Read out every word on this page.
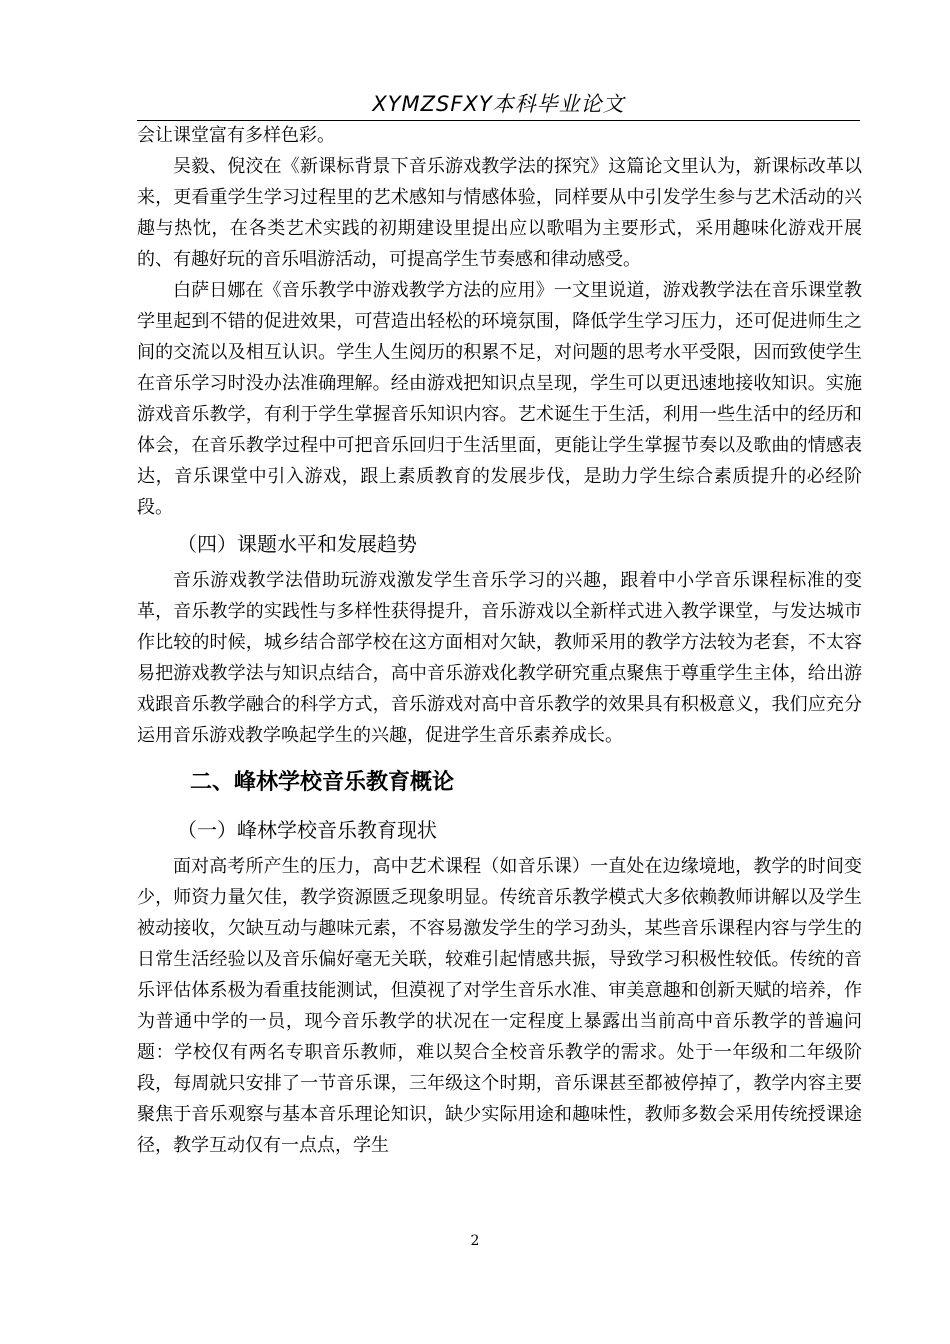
XYMZSFXY本科毕业论文

会让课堂富有多样色彩。

吴毅、倪洨在《新课标背景下音乐游戏教学法的探究》这篇论文里认为，新课标改革以来，更看重学生学习过程里的艺术感知与情感体验，同样要从中引发学生参与艺术活动的兴趣与热忱，在各类艺术实践的初期建设里提出应以歌唱为主要形式，采用趣味化游戏开展的、有趣好玩的音乐唱游活动，可提高学生节奏感和律动感受。

白萨日娜在《音乐教学中游戏教学方法的应用》一文里说道，游戏教学法在音乐课堂教学里起到不错的促进效果，可营造出轻松的环境氛围，降低学生学习压力，还可促进师生之间的交流以及相互认识。学生人生阅历的积累不足，对问题的思考水平受限，因而致使学生在音乐学习时没办法准确理解。经由游戏把知识点呈现，学生可以更迅速地接收知识。实施游戏音乐教学，有利于学生掌握音乐知识内容。艺术诞生于生活，利用一些生活中的经历和体会，在音乐教学过程中可把音乐回归于生活里面，更能让学生掌握节奏以及歌曲的情感表达，音乐课堂中引入游戏，跟上素质教育的发展步伐，是助力学生综合素质提升的必经阶段。

（四）课题水平和发展趋势

音乐游戏教学法借助玩游戏激发学生音乐学习的兴趣，跟着中小学音乐课程标准的变革，音乐教学的实践性与多样性获得提升，音乐游戏以全新样式进入教学课堂，与发达城市作比较的时候，城乡结合部学校在这方面相对欠缺，教师采用的教学方法较为老套，不太容易把游戏教学法与知识点结合，高中音乐游戏化教学研究重点聚焦于尊重学生主体，给出游戏跟音乐教学融合的科学方式，音乐游戏对高中音乐教学的效果具有积极意义，我们应充分运用音乐游戏教学唤起学生的兴趣，促进学生音乐素养成长。

二、峰林学校音乐教育概论
（一）峰林学校音乐教育现状

面对高考所产生的压力，高中艺术课程（如音乐课）一直处在边缘境地，教学的时间变少，师资力量欠佳，教学资源匮乏现象明显。传统音乐教学模式大多依赖教师讲解以及学生被动接收，欠缺互动与趣味元素，不容易激发学生的学习劲头，某些音乐课程内容与学生的日常生活经验以及音乐偏好毫无关联，较难引起情感共振，导致学习积极性较低。传统的音乐评估体系极为看重技能测试，但漠视了对学生音乐水准、审美意趣和创新天赋的培养，作为普通中学的一员，现今音乐教学的状况在一定程度上暴露出当前高中音乐教学的普遍问题：学校仅有两名专职音乐教师，难以契合全校音乐教学的需求。处于一年级和二年级阶段，每周就只安排了一节音乐课，三年级这个时期，音乐课甚至都被停掉了，教学内容主要聚焦于音乐观察与基本音乐理论知识，缺少实际用途和趣味性，教师多数会采用传统授课途径，教学互动仅有一点点，学生

2
